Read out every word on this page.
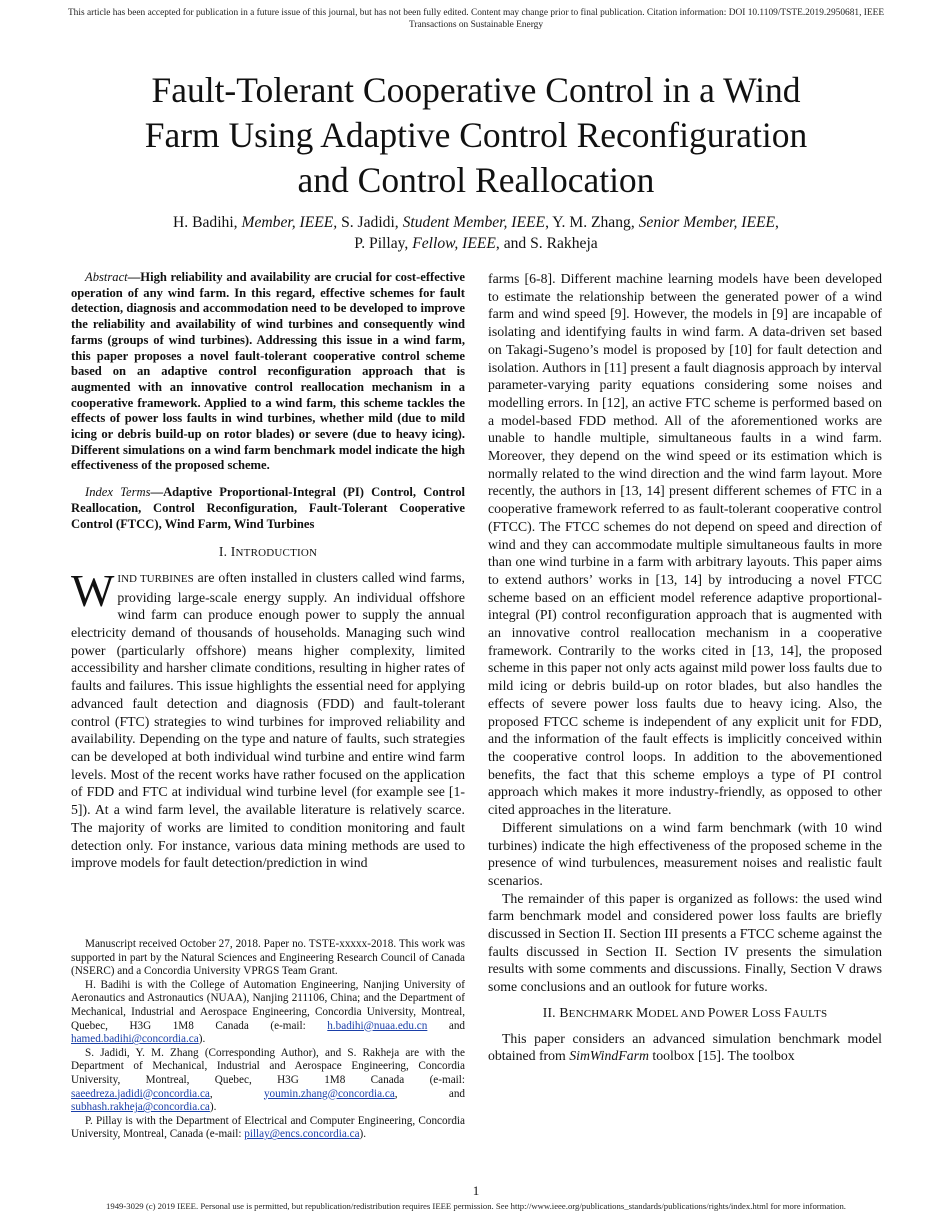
This article has been accepted for publication in a future issue of this journal, but has not been fully edited. Content may change prior to final publication. Citation information: DOI 10.1109/TSTE.2019.2950681, IEEE
Transactions on Sustainable Energy
Fault-Tolerant Cooperative Control in a Wind
Farm Using Adaptive Control Reconfiguration
and Control Reallocation
H. Badihi, Member, IEEE, S. Jadidi, Student Member, IEEE, Y. M. Zhang, Senior Member, IEEE,
P. Pillay, Fellow, IEEE, and S. Rakheja

Abstract—High reliability and availability are crucial for cost-effective operation of any wind farm. In this regard, effective schemes for fault detection, diagnosis and accommodation need to be developed to improve the reliability and availability of wind turbines and consequently wind farms (groups of wind turbines). Addressing this issue in a wind farm, this paper proposes a novel fault-tolerant cooperative control scheme based on an adaptive control reconfiguration approach that is augmented with an innovative control reallocation mechanism in a cooperative framework. Applied to a wind farm, this scheme tackles the effects of power loss faults in wind turbines, whether mild (due to mild icing or debris build-up on rotor blades) or severe (due to heavy icing). Different simulations on a wind farm benchmark model indicate the high effectiveness of the proposed scheme.

Index Terms—Adaptive Proportional-Integral (PI) Control, Control Reallocation, Control Reconfiguration, Fault-Tolerant Cooperative Control (FTCC), Wind Farm, Wind Turbines

I. INTRODUCTION

WIND TURBINES are often installed in clusters called wind farms, providing large-scale energy supply. An individual offshore wind farm can produce enough power to supply the annual electricity demand of thousands of households. Managing such wind power (particularly offshore) means higher complexity, limited accessibility and harsher climate conditions, resulting in higher rates of faults and failures. This issue highlights the essential need for applying advanced fault detection and diagnosis (FDD) and fault-tolerant control (FTC) strategies to wind turbines for improved reliability and availability. Depending on the type and nature of faults, such strategies can be developed at both individual wind turbine and entire wind farm levels. Most of the recent works have rather focused on the application of FDD and FTC at individual wind turbine level (for example see [1-5]). At a wind farm level, the available literature is relatively scarce. The majority of works are limited to condition monitoring and fault detection only. For instance, various data mining methods are used to improve models for fault detection/prediction in wind

Manuscript received October 27, 2018. Paper no. TSTE-xxxxx-2018. This work was supported in part by the Natural Sciences and Engineering Research Council of Canada (NSERC) and a Concordia University VPRGS Team Grant.

H. Badihi is with the College of Automation Engineering, Nanjing University of Aeronautics and Astronautics (NUAA), Nanjing 211106, China; and the Department of Mechanical, Industrial and Aerospace Engineering, Concordia University, Montreal, Quebec, H3G 1M8 Canada (e-mail: h.badihi@nuaa.edu.cn and hamed.badihi@concordia.ca).

S. Jadidi, Y. M. Zhang (Corresponding Author), and S. Rakheja are with the Department of Mechanical, Industrial and Aerospace Engineering, Concordia University, Montreal, Quebec, H3G 1M8 Canada (e-mail: saeedreza.jadidi@concordia.ca, youmin.zhang@concordia.ca, and subhash.rakheja@concordia.ca).

P. Pillay is with the Department of Electrical and Computer Engineering, Concordia University, Montreal, Canada (e-mail: pillay@encs.concordia.ca).

farms [6-8]. Different machine learning models have been developed to estimate the relationship between the generated power of a wind farm and wind speed [9]. However, the models in [9] are incapable of isolating and identifying faults in wind farm. A data-driven set based on Takagi-Sugeno’s model is proposed by [10] for fault detection and isolation. Authors in [11] present a fault diagnosis approach by interval parameter-varying parity equations considering some noises and modelling errors. In [12], an active FTC scheme is performed based on a model-based FDD method. All of the aforementioned works are unable to handle multiple, simultaneous faults in a wind farm. Moreover, they depend on the wind speed or its estimation which is normally related to the wind direction and the wind farm layout. More recently, the authors in [13, 14] present different schemes of FTC in a cooperative framework referred to as fault-tolerant cooperative control (FTCC). The FTCC schemes do not depend on speed and direction of wind and they can accommodate multiple simultaneous faults in more than one wind turbine in a farm with arbitrary layouts. This paper aims to extend authors’ works in [13, 14] by introducing a novel FTCC scheme based on an efficient model reference adaptive proportional-integral (PI) control reconfiguration approach that is augmented with an innovative control reallocation mechanism in a cooperative framework. Contrarily to the works cited in [13, 14], the proposed scheme in this paper not only acts against mild power loss faults due to mild icing or debris build-up on rotor blades, but also handles the effects of severe power loss faults due to heavy icing. Also, the proposed FTCC scheme is independent of any explicit unit for FDD, and the information of the fault effects is implicitly conceived within the cooperative control loops. In addition to the abovementioned benefits, the fact that this scheme employs a type of PI control approach which makes it more industry-friendly, as opposed to other cited approaches in the literature.

Different simulations on a wind farm benchmark (with 10 wind turbines) indicate the high effectiveness of the proposed scheme in the presence of wind turbulences, measurement noises and realistic fault scenarios.

The remainder of this paper is organized as follows: the used wind farm benchmark model and considered power loss faults are briefly discussed in Section II. Section III presents a FTCC scheme against the faults discussed in Section II. Section IV presents the simulation results with some comments and discussions. Finally, Section V draws some conclusions and an outlook for future works.

II. BENCHMARK MODEL AND POWER LOSS FAULTS

This paper considers an advanced simulation benchmark model obtained from SimWindFarm toolbox [15]. The toolbox

1
1949-3029 (c) 2019 IEEE. Personal use is permitted, but republication/redistribution requires IEEE permission. See http://www.ieee.org/publications_standards/publications/rights/index.html for more information.
